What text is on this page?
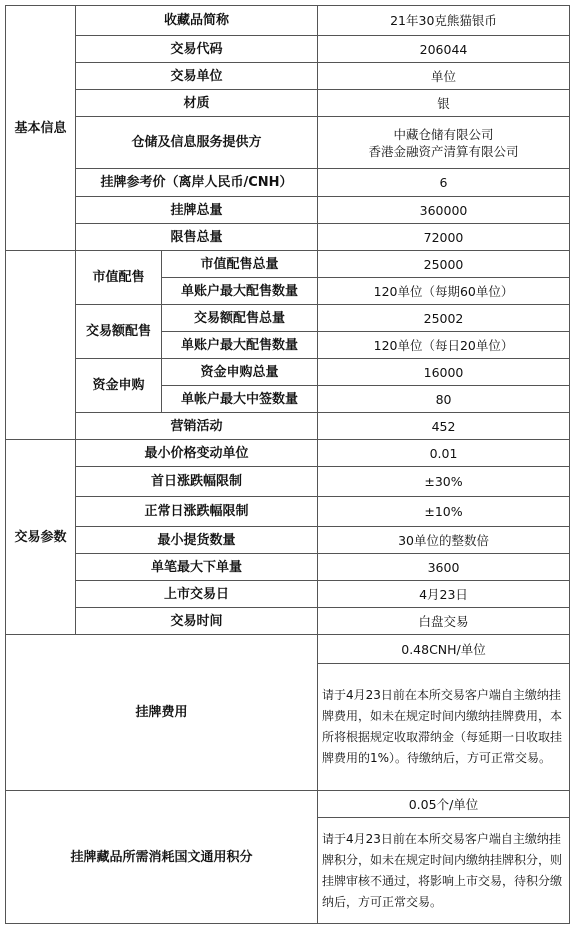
基本信息	收藏品简称		21年30克熊猫银币
	交易代码		206044
	交易单位		单位
	材质		银
	仓储及信息服务提供方		中藏仓储有限公司
香港金融资产清算有限公司

	挂牌参考价（离岸人民币/CNH）		6
	挂牌总量		360000
	限售总量		72000
	市值配售	市值配售总量	25000
		单账户最大配售数量	120单位（每期60单位）
	交易额配售	交易额配售总量	25002
		单账户最大配售数量	120单位（每日20单位）
	资金申购	资金申购总量	16000
		单帐户最大中签数量	80
	营销活动		452
交易参数	最小价格变动单位		0.01
	首日涨跌幅限制		±30%
	正常日涨跌幅限制		±10%
	最小提货数量		30单位的整数倍
	单笔最大下单量		3600
	上市交易日		4月23日
	交易时间		白盘交易
挂牌费用			0.48CNH/单位
			请于4月23日前在本所交易客户端自主缴纳挂牌费用，如未在规定时间内缴纳挂牌费用，本所将根据规定收取滞纳金（每延期一日收取挂牌费用的1%）。待缴纳后，方可正常交易。
挂牌藏品所需消耗国文通用积分			0.05个/单位
			请于4月23日前在本所交易客户端自主缴纳挂牌积分，如未在规定时间内缴纳挂牌积分，则挂牌审核不通过，将影响上市交易，待积分缴纳后，方可正常交易。
